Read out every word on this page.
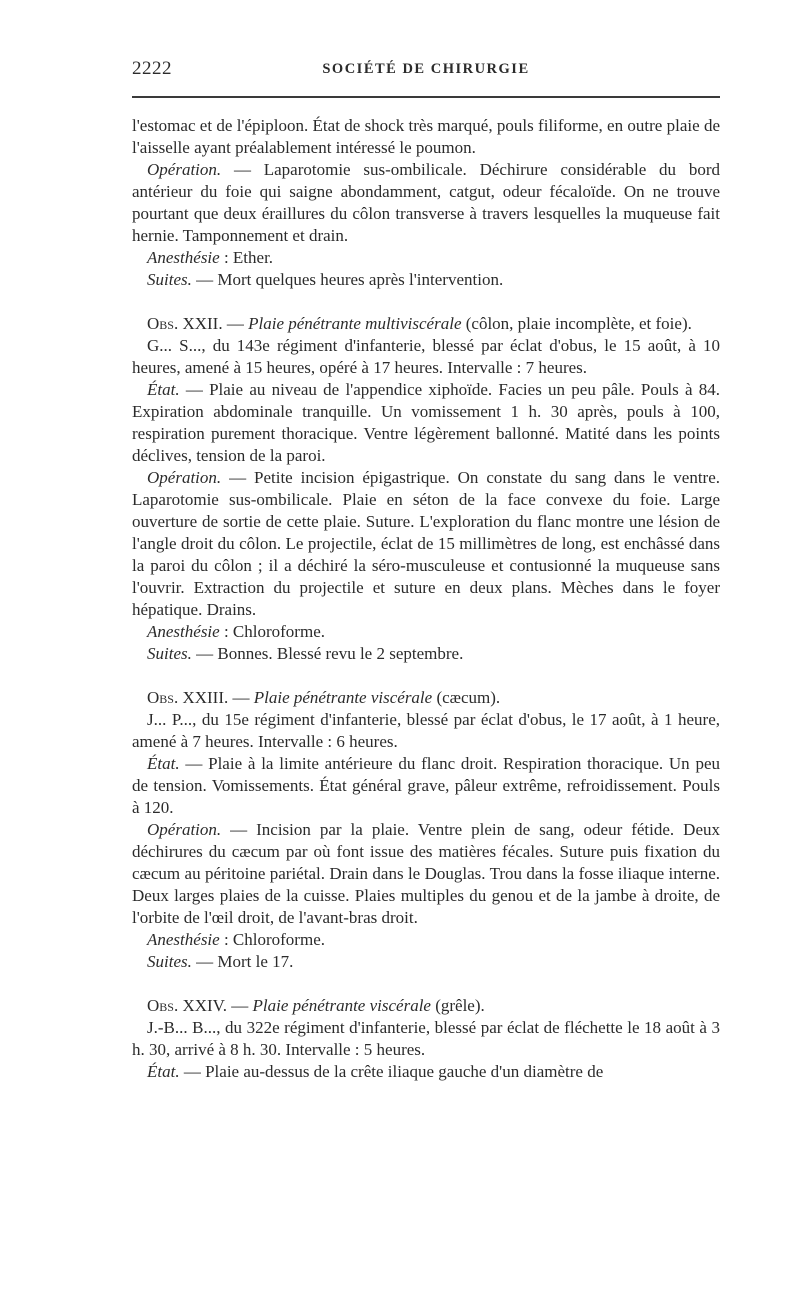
2222	SOCIÉTÉ DE CHIRURGIE

l'estomac et de l'épiploon. État de shock très marqué, pouls filiforme, en outre plaie de l'aisselle ayant préalablement intéressé le poumon.

Opération. — Laparotomie sus-ombilicale. Déchirure considérable du bord antérieur du foie qui saigne abondamment, catgut, odeur fécaloïde. On ne trouve pourtant que deux éraillures du côlon transverse à travers lesquelles la muqueuse fait hernie. Tamponnement et drain.

Anesthésie : Ether.

Suites. — Mort quelques heures après l'intervention.

Obs. XXII. — Plaie pénétrante multiviscérale (côlon, plaie incomplète, et foie).

G... S..., du 143e régiment d'infanterie, blessé par éclat d'obus, le 15 août, à 10 heures, amené à 15 heures, opéré à 17 heures. Intervalle : 7 heures.

État. — Plaie au niveau de l'appendice xiphoïde. Facies un peu pâle. Pouls à 84. Expiration abdominale tranquille. Un vomissement 1 h. 30 après, pouls à 100, respiration purement thoracique. Ventre légèrement ballonné. Matité dans les points déclives, tension de la paroi.

Opération. — Petite incision épigastrique. On constate du sang dans le ventre. Laparotomie sus-ombilicale. Plaie en séton de la face convexe du foie. Large ouverture de sortie de cette plaie. Suture. L'exploration du flanc montre une lésion de l'angle droit du côlon. Le projectile, éclat de 15 millimètres de long, est enchâssé dans la paroi du côlon ; il a déchiré la séro-musculeuse et contusionné la muqueuse sans l'ouvrir. Extraction du projectile et suture en deux plans. Mèches dans le foyer hépatique. Drains.

Anesthésie : Chloroforme.

Suites. — Bonnes. Blessé revu le 2 septembre.

Obs. XXIII. — Plaie pénétrante viscérale (cæcum).

J... P..., du 15e régiment d'infanterie, blessé par éclat d'obus, le 17 août, à 1 heure, amené à 7 heures. Intervalle : 6 heures.

État. — Plaie à la limite antérieure du flanc droit. Respiration thoracique. Un peu de tension. Vomissements. État général grave, pâleur extrême, refroidissement. Pouls à 120.

Opération. — Incision par la plaie. Ventre plein de sang, odeur fétide. Deux déchirures du cæcum par où font issue des matières fécales. Suture puis fixation du cæcum au péritoine pariétal. Drain dans le Douglas. Trou dans la fosse iliaque interne. Deux larges plaies de la cuisse. Plaies multiples du genou et de la jambe à droite, de l'orbite de l'œil droit, de l'avant-bras droit.

Anesthésie : Chloroforme.

Suites. — Mort le 17.

Obs. XXIV. — Plaie pénétrante viscérale (grêle).

J.-B... B..., du 322e régiment d'infanterie, blessé par éclat de fléchette le 18 août à 3 h. 30, arrivé à 8 h. 30. Intervalle : 5 heures.

État. — Plaie au-dessus de la crête iliaque gauche d'un diamètre de
